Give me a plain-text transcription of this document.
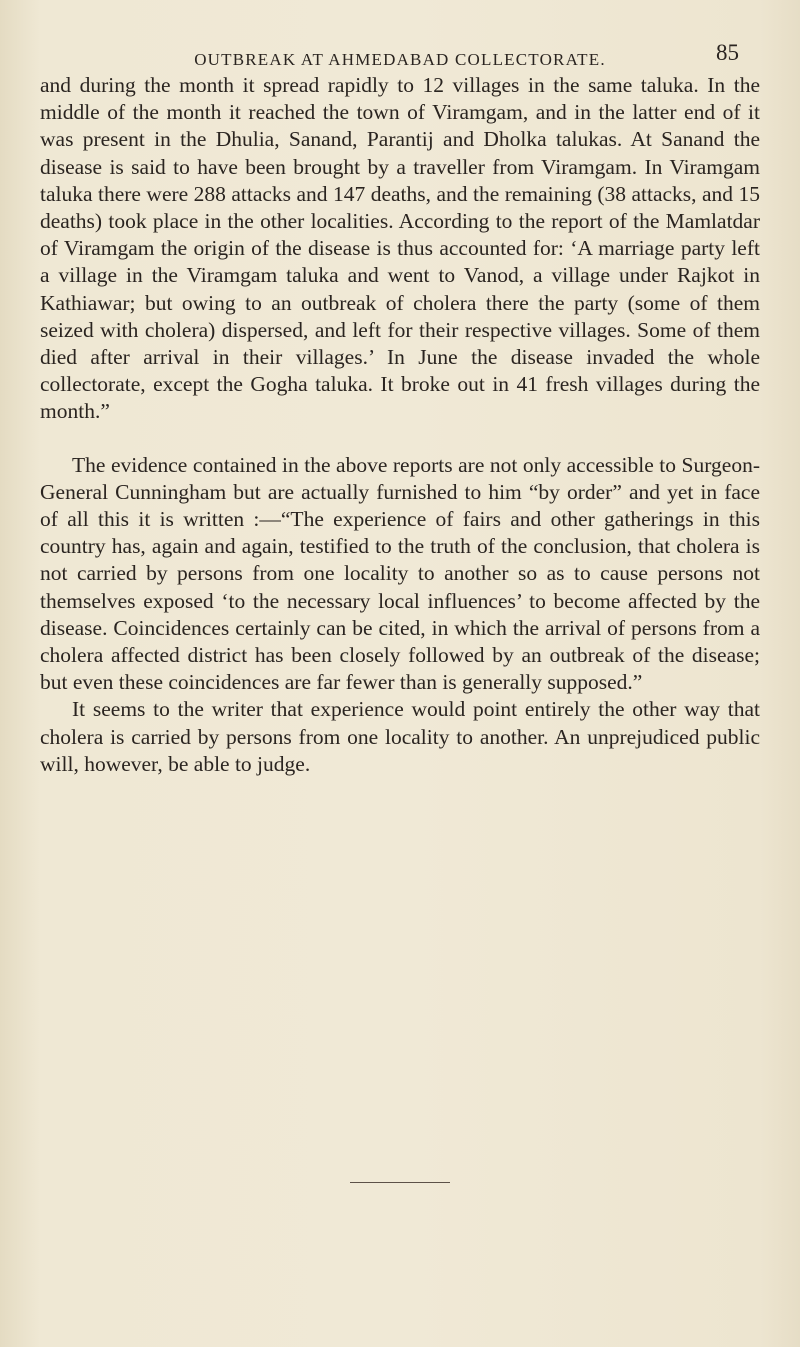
OUTBREAK AT AHMEDABAD COLLECTORATE.	85

and during the month it spread rapidly to 12 villages in the same taluka. In the middle of the month it reached the town of Viramgam, and in the latter end of it was present in the Dhulia, Sanand, Parantij and Dholka talukas. At Sanand the disease is said to have been brought by a traveller from Viramgam. In Viramgam taluka there were 288 attacks and 147 deaths, and the remaining (38 attacks, and 15 deaths) took place in the other localities. According to the report of the Mamlatdar of Viramgam the origin of the disease is thus accounted for: ‘A marriage party left a village in the Viramgam taluka and went to Vanod, a village under Rajkot in Kathiawar; but owing to an outbreak of cholera there the party (some of them seized with cholera) dispersed, and left for their respective villages. Some of them died after arrival in their villages.’ In June the disease invaded the whole collectorate, except the Gogha taluka. It broke out in 41 fresh villages during the month.”

The evidence contained in the above reports are not only accessible to Surgeon-General Cunningham but are actually furnished to him “by order” and yet in face of all this it is written :—“The experience of fairs and other gatherings in this country has, again and again, testified to the truth of the conclusion, that cholera is not carried by persons from one locality to another so as to cause persons not themselves exposed ‘to the necessary local influences’ to become affected by the disease. Coincidences certainly can be cited, in which the arrival of persons from a cholera affected district has been closely followed by an outbreak of the disease; but even these coincidences are far fewer than is generally supposed.”

It seems to the writer that experience would point entirely the other way that cholera is carried by persons from one locality to another. An unprejudiced public will, however, be able to judge.
